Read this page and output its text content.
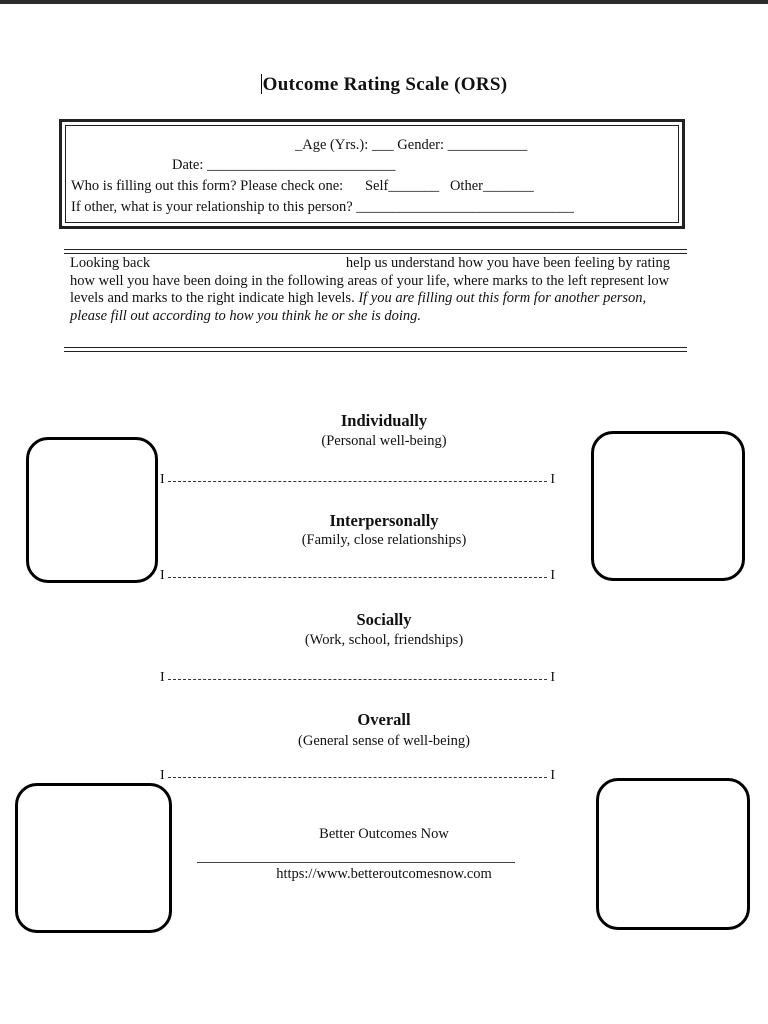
Outcome Rating Scale (ORS)
_Age (Yrs.): ___ Gender: ___________
Date: __________________________
Who is filling out this form? Please check one:      Self_______   Other_______
If other, what is your relationship to this person? ______________________________
Looking back	help us understand how you have been feeling by rating how well you have been doing in the following areas of your life, where marks to the left represent low levels and marks to the right indicate high levels. If you are filling out this form for another person, please fill out according to how you think he or she is doing.
Individually
(Personal well-being)
I	I
Interpersonally
(Family, close relationships)
I	I
Socially
(Work, school, friendships)
I	I
Overall
(General sense of well-being)
I	I
Better Outcomes Now
https://www.betteroutcomesnow.com
